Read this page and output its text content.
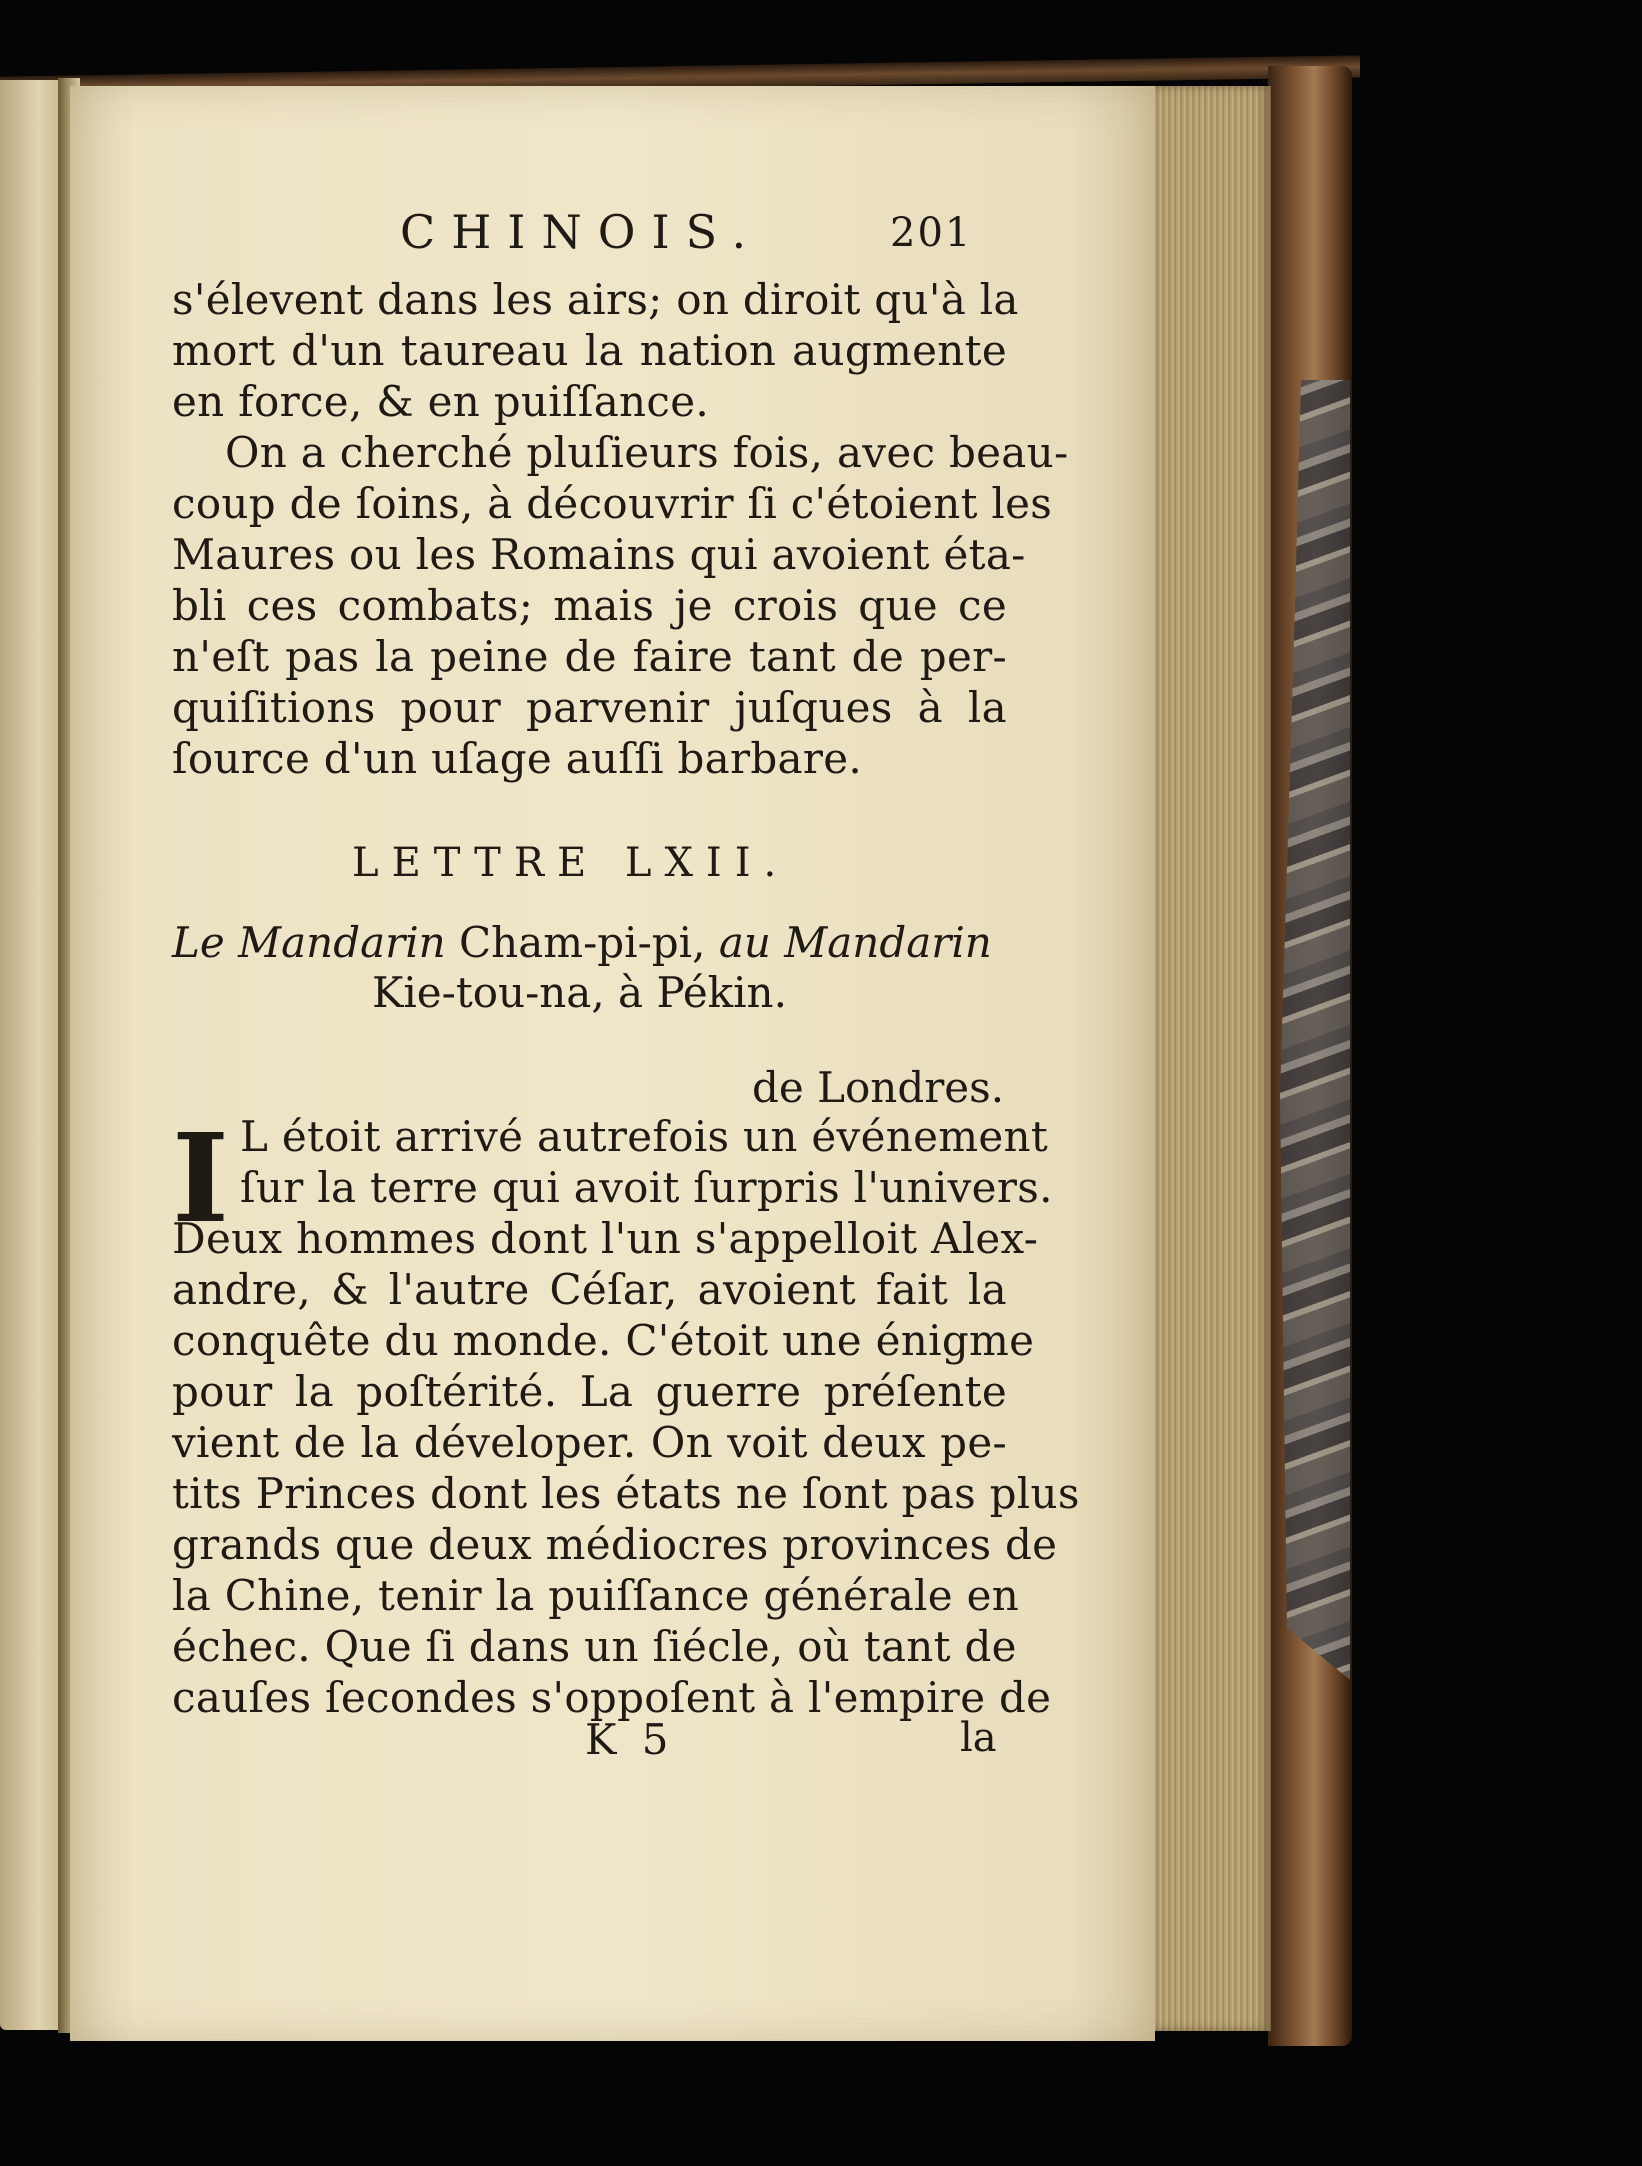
CHINOIS.	201
s'élevent dans les airs; on diroit qu'à la
mort d'un taureau la nation augmente
en force, & en puiſſance.
On a cherché pluſieurs fois, avec beau-
coup de ſoins, à découvrir ſi c'étoient les
Maures ou les Romains qui avoient éta-
bli ces combats; mais je crois que ce
n'eſt pas la peine de faire tant de per-
quiſitions pour parvenir juſques à la
ſource d'un uſage auſſi barbare.
LETTRE LXII.
Le Mandarin Cham-pi-pi, au Mandarin
Kie-tou-na, à Pékin.
de Londres.
I L étoit arrivé autrefois un événement
ſur la terre qui avoit ſurpris l'univers.
Deux hommes dont l'un s'appelloit Alex-
andre, & l'autre Céſar, avoient fait la
conquête du monde. C'étoit une énigme
pour la poſtérité. La guerre préſente
vient de la déveloper. On voit deux pe-
tits Princes dont les états ne ſont pas plus
grands que deux médiocres provinces de
la Chine, tenir la puiſſance générale en
échec. Que ſi dans un ſiécle, où tant de
cauſes ſecondes s'oppoſent à l'empire de
K 5	la
